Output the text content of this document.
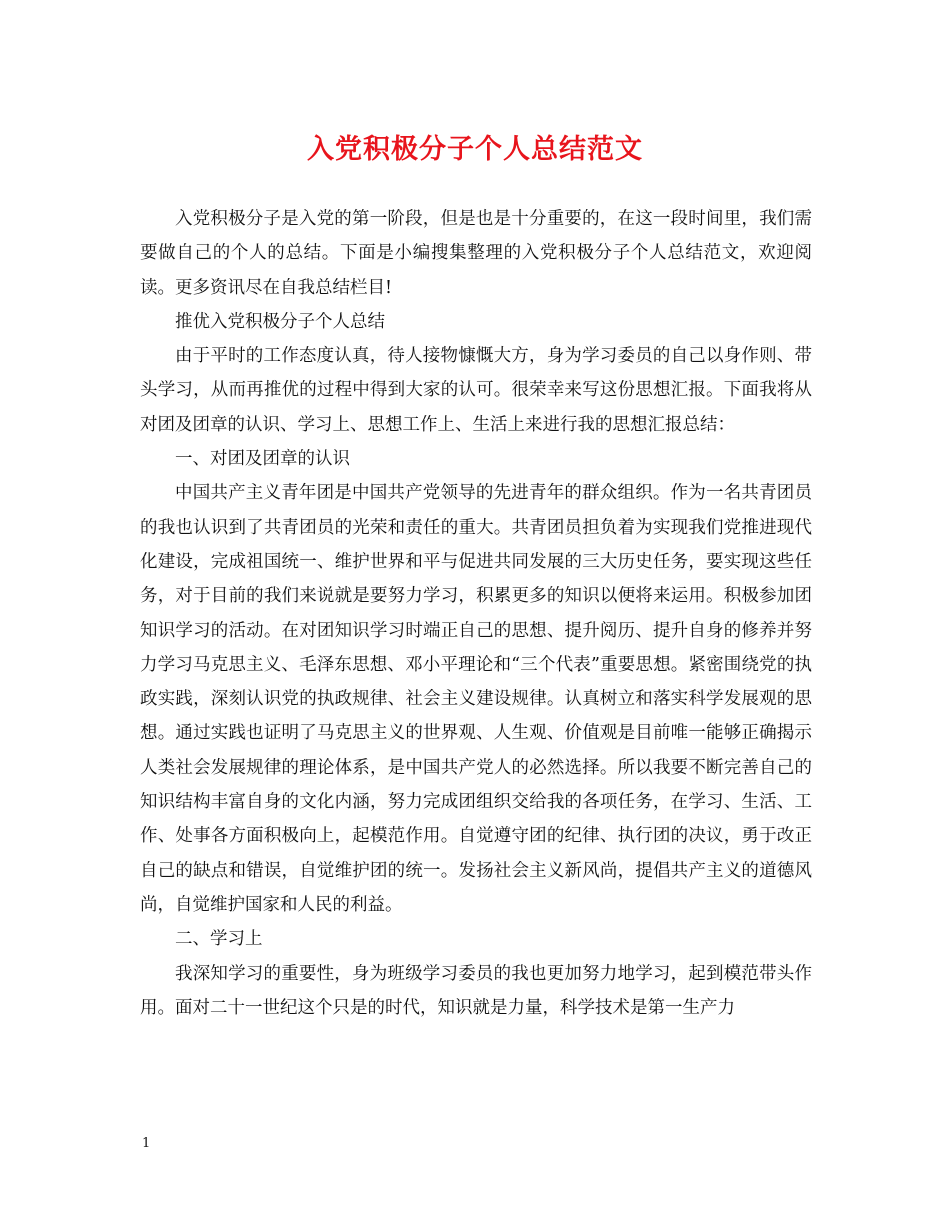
入党积极分子个人总结范文

入党积极分子是入党的第一阶段，但是也是十分重要的，在这一段时间里，我们需要做自己的个人的总结。下面是小编搜集整理的入党积极分子个人总结范文，欢迎阅读。更多资讯尽在自我总结栏目!

推优入党积极分子个人总结

由于平时的工作态度认真，待人接物慷慨大方，身为学习委员的自己以身作则、带头学习，从而再推优的过程中得到大家的认可。很荣幸来写这份思想汇报。下面我将从对团及团章的认识、学习上、思想工作上、生活上来进行我的思想汇报总结：

一、对团及团章的认识

中国共产主义青年团是中国共产党领导的先进青年的群众组织。作为一名共青团员的我也认识到了共青团员的光荣和责任的重大。共青团员担负着为实现我们党推进现代化建设，完成祖国统一、维护世界和平与促进共同发展的三大历史任务，要实现这些任务，对于目前的我们来说就是要努力学习，积累更多的知识以便将来运用。积极参加团知识学习的活动。在对团知识学习时端正自己的思想、提升阅历、提升自身的修养并努力学习马克思主义、毛泽东思想、邓小平理论和“三个代表”重要思想。紧密围绕党的执政实践，深刻认识党的执政规律、社会主义建设规律。认真树立和落实科学发展观的思想。通过实践也证明了马克思主义的世界观、人生观、价值观是目前唯一能够正确揭示人类社会发展规律的理论体系，是中国共产党人的必然选择。所以我要不断完善自己的知识结构丰富自身的文化内涵，努力完成团组织交给我的各项任务，在学习、生活、工作、处事各方面积极向上，起模范作用。自觉遵守团的纪律、执行团的决议，勇于改正自己的缺点和错误，自觉维护团的统一。发扬社会主义新风尚，提倡共产主义的道德风尚，自觉维护国家和人民的利益。

二、学习上

我深知学习的重要性，身为班级学习委员的我也更加努力地学习，起到模范带头作用。面对二十一世纪这个只是的时代，知识就是力量，科学技术是第一生产力

1
